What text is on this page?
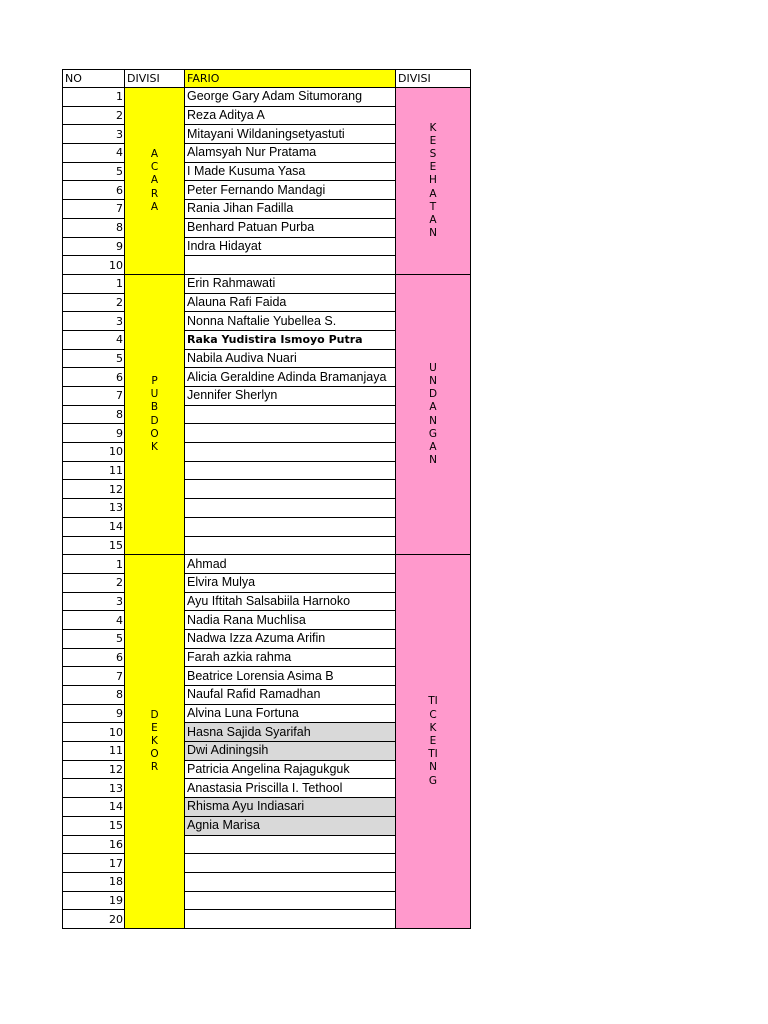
NO	DIVISI	FARIO	DIVISI
1	ACARA	George Gary Adam Situmorang	KESEHATAN
2		Reza Aditya A	
3		Mitayani Wildaningsetyastuti	
4		Alamsyah Nur Pratama	
5		I Made Kusuma Yasa	
6		Peter Fernando Mandagi	
7		Rania Jihan Fadilla	
8		Benhard Patuan Purba	
9		Indra Hidayat	
10			
1	PUBDOK	Erin Rahmawati	UNDANGAN
2		Alauna Rafi Faida	
3		Nonna Naftalie Yubellea S.	
4		Raka Yudistira Ismoyo Putra	
5		Nabila Audiva Nuari	
6		Alicia Geraldine Adinda Bramanjaya	
7		Jennifer Sherlyn	
8			
9			
10			
11			
12			
13			
14			
15			
1	DEKOR	Ahmad	TICKETING
2		Elvira Mulya	
3		Ayu Iftitah Salsabiila Harnoko	
4		Nadia Rana Muchlisa	
5		Nadwa Izza Azuma Arifin	
6		Farah azkia rahma	
7		Beatrice Lorensia Asima B	
8		Naufal Rafid Ramadhan	
9		Alvina Luna Fortuna	
10		Hasna Sajida Syarifah	
11		Dwi Adiningsih	
12		Patricia Angelina Rajagukguk	
13		Anastasia Priscilla I. Tethool	
14		Rhisma Ayu Indiasari	
15		Agnia Marisa	
16			
17			
18			
19			
20			
